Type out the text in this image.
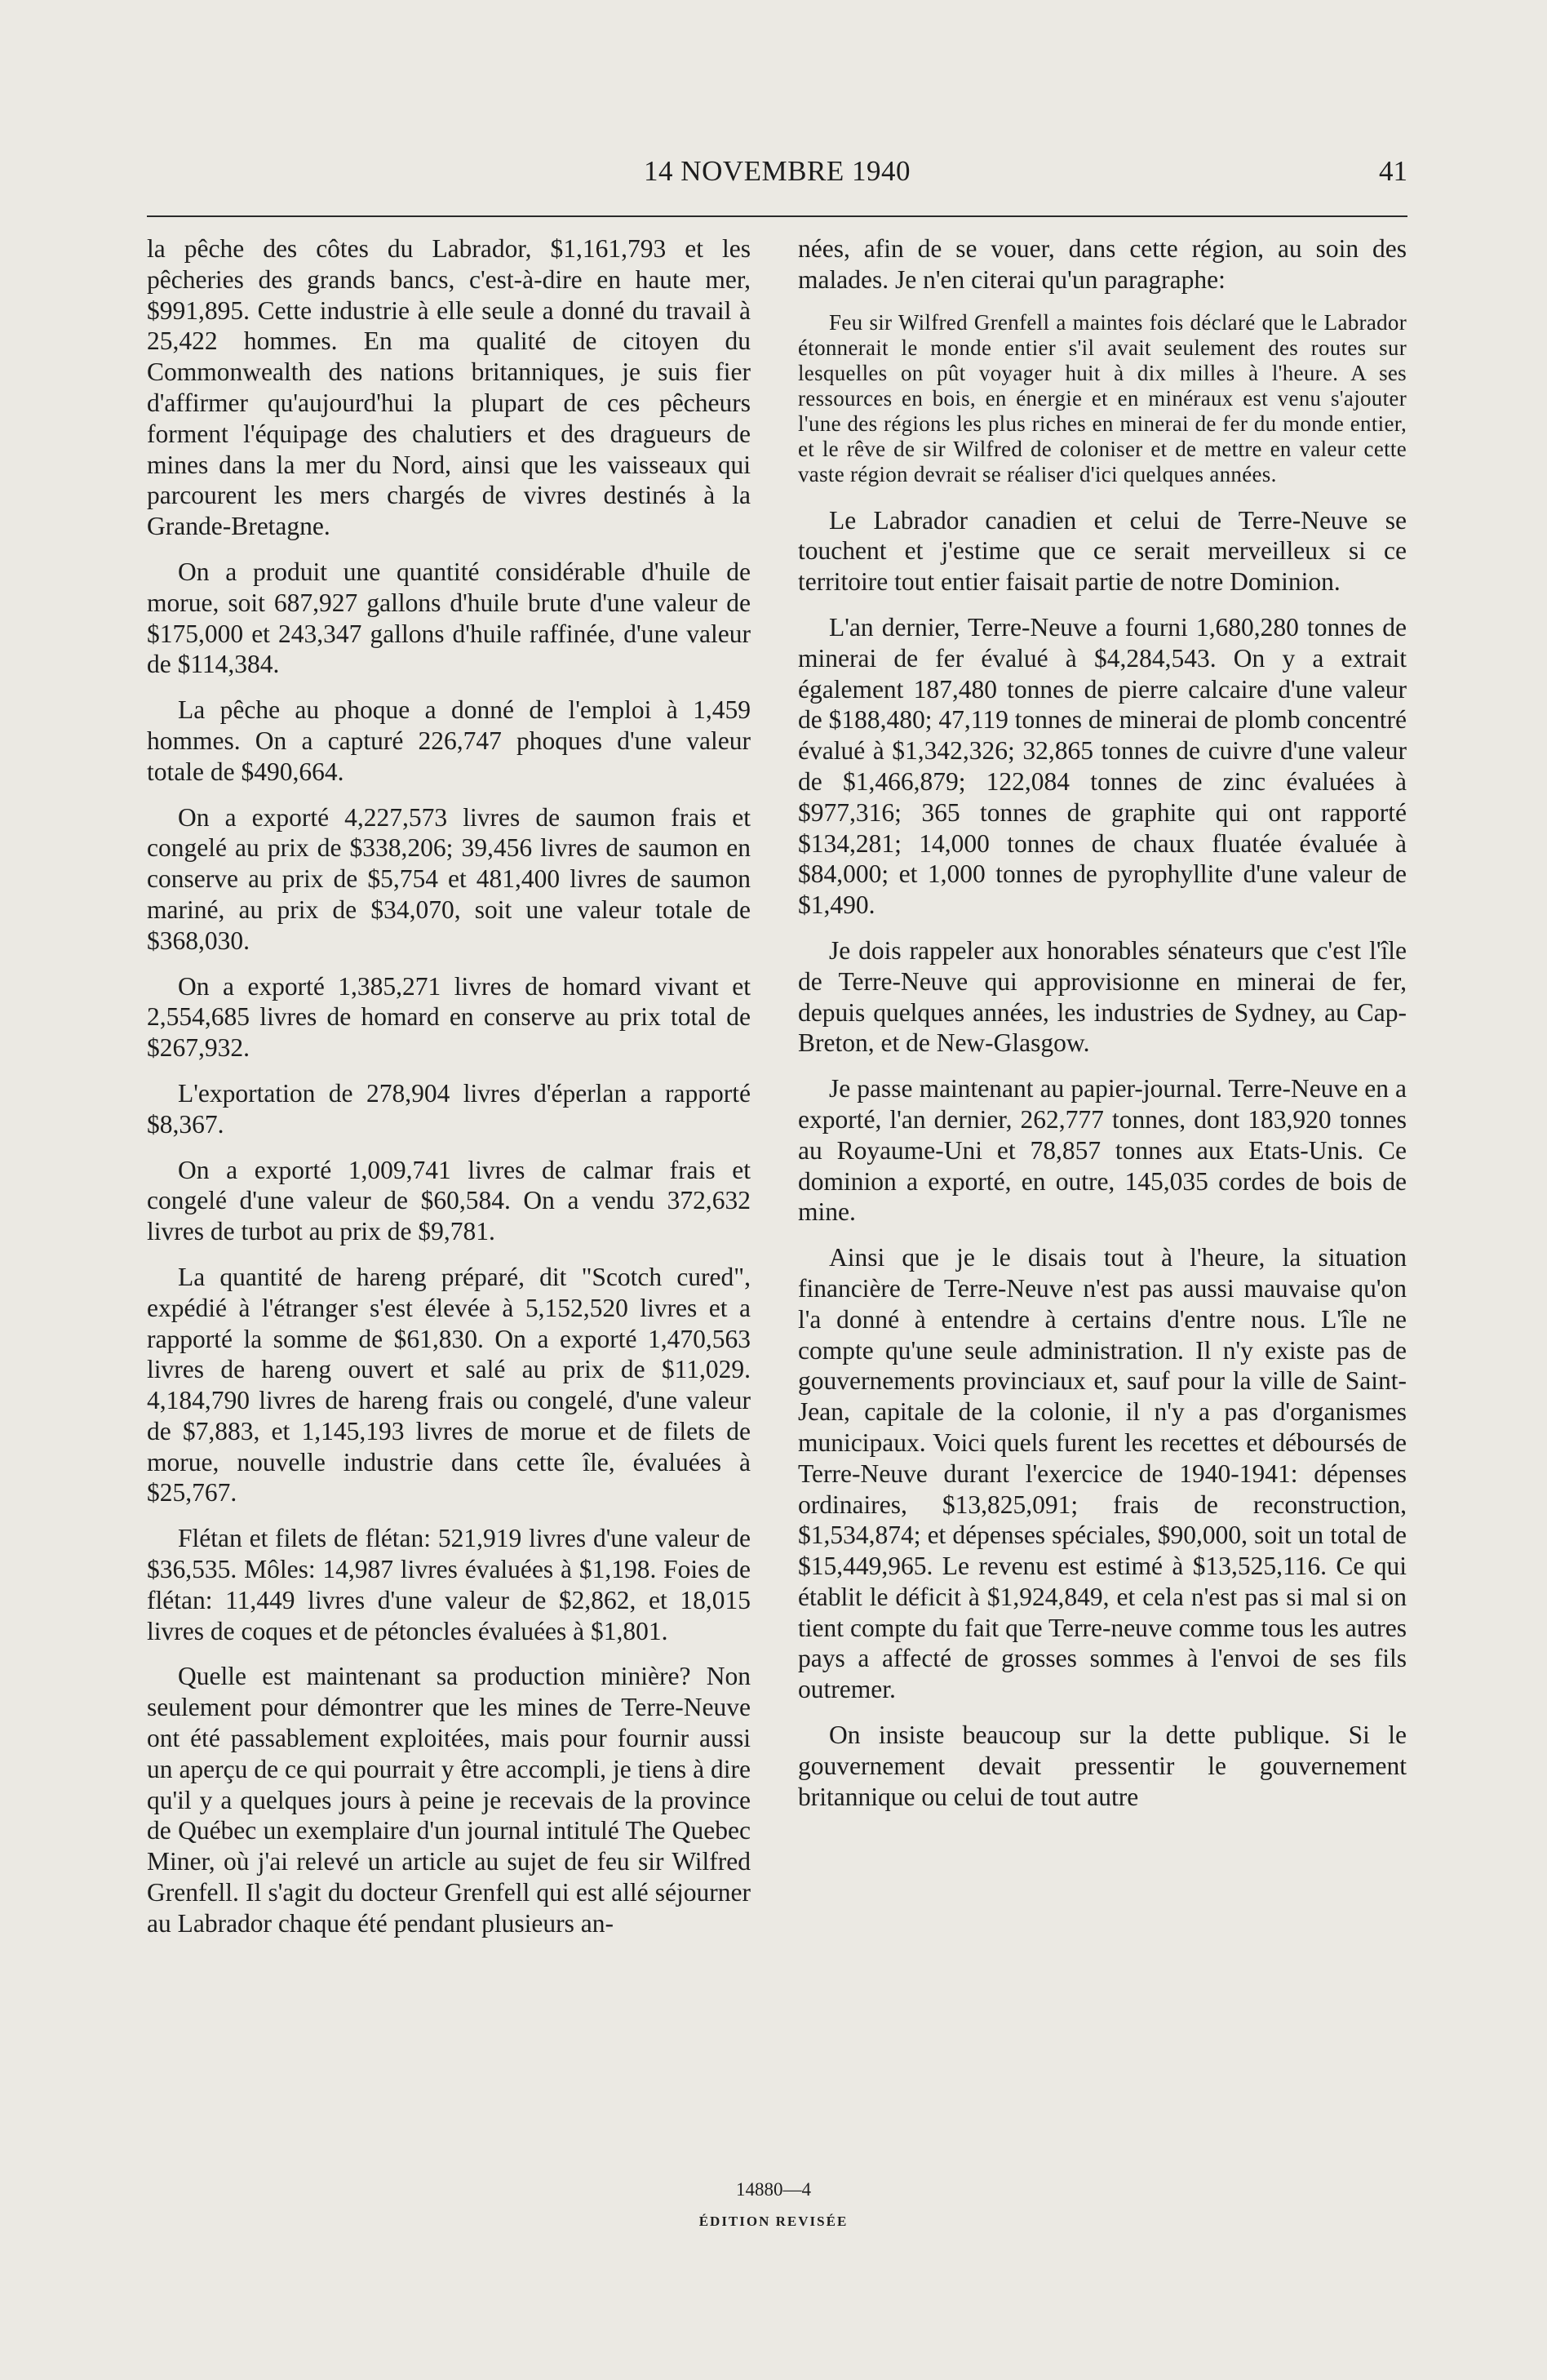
14 NOVEMBRE 1940	41

la pêche des côtes du Labrador, $1,161,793 et les pêcheries des grands bancs, c'est-à-dire en haute mer, $991,895. Cette industrie à elle seule a donné du travail à 25,422 hommes. En ma qualité de citoyen du Commonwealth des nations britanniques, je suis fier d'affirmer qu'aujourd'hui la plupart de ces pêcheurs forment l'équipage des chalutiers et des dragueurs de mines dans la mer du Nord, ainsi que les vaisseaux qui parcourent les mers chargés de vivres destinés à la Grande-Bretagne.

On a produit une quantité considérable d'huile de morue, soit 687,927 gallons d'huile brute d'une valeur de $175,000 et 243,347 gallons d'huile raffinée, d'une valeur de $114,384.

La pêche au phoque a donné de l'emploi à 1,459 hommes. On a capturé 226,747 phoques d'une valeur totale de $490,664.

On a exporté 4,227,573 livres de saumon frais et congelé au prix de $338,206; 39,456 livres de saumon en conserve au prix de $5,754 et 481,400 livres de saumon mariné, au prix de $34,070, soit une valeur totale de $368,030.

On a exporté 1,385,271 livres de homard vivant et 2,554,685 livres de homard en conserve au prix total de $267,932.

L'exportation de 278,904 livres d'éperlan a rapporté $8,367.

On a exporté 1,009,741 livres de calmar frais et congelé d'une valeur de $60,584. On a vendu 372,632 livres de turbot au prix de $9,781.

La quantité de hareng préparé, dit "Scotch cured", expédié à l'étranger s'est élevée à 5,152,520 livres et a rapporté la somme de $61,830. On a exporté 1,470,563 livres de hareng ouvert et salé au prix de $11,029. 4,184,790 livres de hareng frais ou congelé, d'une valeur de $7,883, et 1,145,193 livres de morue et de filets de morue, nouvelle industrie dans cette île, évaluées à $25,767.

Flétan et filets de flétan: 521,919 livres d'une valeur de $36,535. Môles: 14,987 livres évaluées à $1,198. Foies de flétan: 11,449 livres d'une valeur de $2,862, et 18,015 livres de coques et de pétoncles évaluées à $1,801.

Quelle est maintenant sa production minière? Non seulement pour démontrer que les mines de Terre-Neuve ont été passablement exploitées, mais pour fournir aussi un aperçu de ce qui pourrait y être accompli, je tiens à dire qu'il y a quelques jours à peine je recevais de la province de Québec un exemplaire d'un journal intitulé The Quebec Miner, où j'ai relevé un article au sujet de feu sir Wilfred Grenfell. Il s'agit du docteur Grenfell qui est allé séjourner au Labrador chaque été pendant plusieurs an-

nées, afin de se vouer, dans cette région, au soin des malades. Je n'en citerai qu'un paragraphe:

Feu sir Wilfred Grenfell a maintes fois déclaré que le Labrador étonnerait le monde entier s'il avait seulement des routes sur lesquelles on pût voyager huit à dix milles à l'heure. A ses ressources en bois, en énergie et en minéraux est venu s'ajouter l'une des régions les plus riches en minerai de fer du monde entier, et le rêve de sir Wilfred de coloniser et de mettre en valeur cette vaste région devrait se réaliser d'ici quelques années.

Le Labrador canadien et celui de Terre-Neuve se touchent et j'estime que ce serait merveilleux si ce territoire tout entier faisait partie de notre Dominion.

L'an dernier, Terre-Neuve a fourni 1,680,280 tonnes de minerai de fer évalué à $4,284,543. On y a extrait également 187,480 tonnes de pierre calcaire d'une valeur de $188,480; 47,119 tonnes de minerai de plomb concentré évalué à $1,342,326; 32,865 tonnes de cuivre d'une valeur de $1,466,879; 122,084 tonnes de zinc évaluées à $977,316; 365 tonnes de graphite qui ont rapporté $134,281; 14,000 tonnes de chaux fluatée évaluée à $84,000; et 1,000 tonnes de pyrophyllite d'une valeur de $1,490.

Je dois rappeler aux honorables sénateurs que c'est l'île de Terre-Neuve qui approvisionne en minerai de fer, depuis quelques années, les industries de Sydney, au Cap-Breton, et de New-Glasgow.

Je passe maintenant au papier-journal. Terre-Neuve en a exporté, l'an dernier, 262,777 tonnes, dont 183,920 tonnes au Royaume-Uni et 78,857 tonnes aux Etats-Unis. Ce dominion a exporté, en outre, 145,035 cordes de bois de mine.

Ainsi que je le disais tout à l'heure, la situation financière de Terre-Neuve n'est pas aussi mauvaise qu'on l'a donné à entendre à certains d'entre nous. L'île ne compte qu'une seule administration. Il n'y existe pas de gouvernements provinciaux et, sauf pour la ville de Saint-Jean, capitale de la colonie, il n'y a pas d'organismes municipaux. Voici quels furent les recettes et déboursés de Terre-Neuve durant l'exercice de 1940-1941: dépenses ordinaires, $13,825,091; frais de reconstruction, $1,534,874; et dépenses spéciales, $90,000, soit un total de $15,449,965. Le revenu est estimé à $13,525,116. Ce qui établit le déficit à $1,924,849, et cela n'est pas si mal si on tient compte du fait que Terre-neuve comme tous les autres pays a affecté de grosses sommes à l'envoi de ses fils outremer.

On insiste beaucoup sur la dette publique. Si le gouvernement devait pressentir le gouvernement britannique ou celui de tout autre

14880—4
ÉDITION REVISÉE
